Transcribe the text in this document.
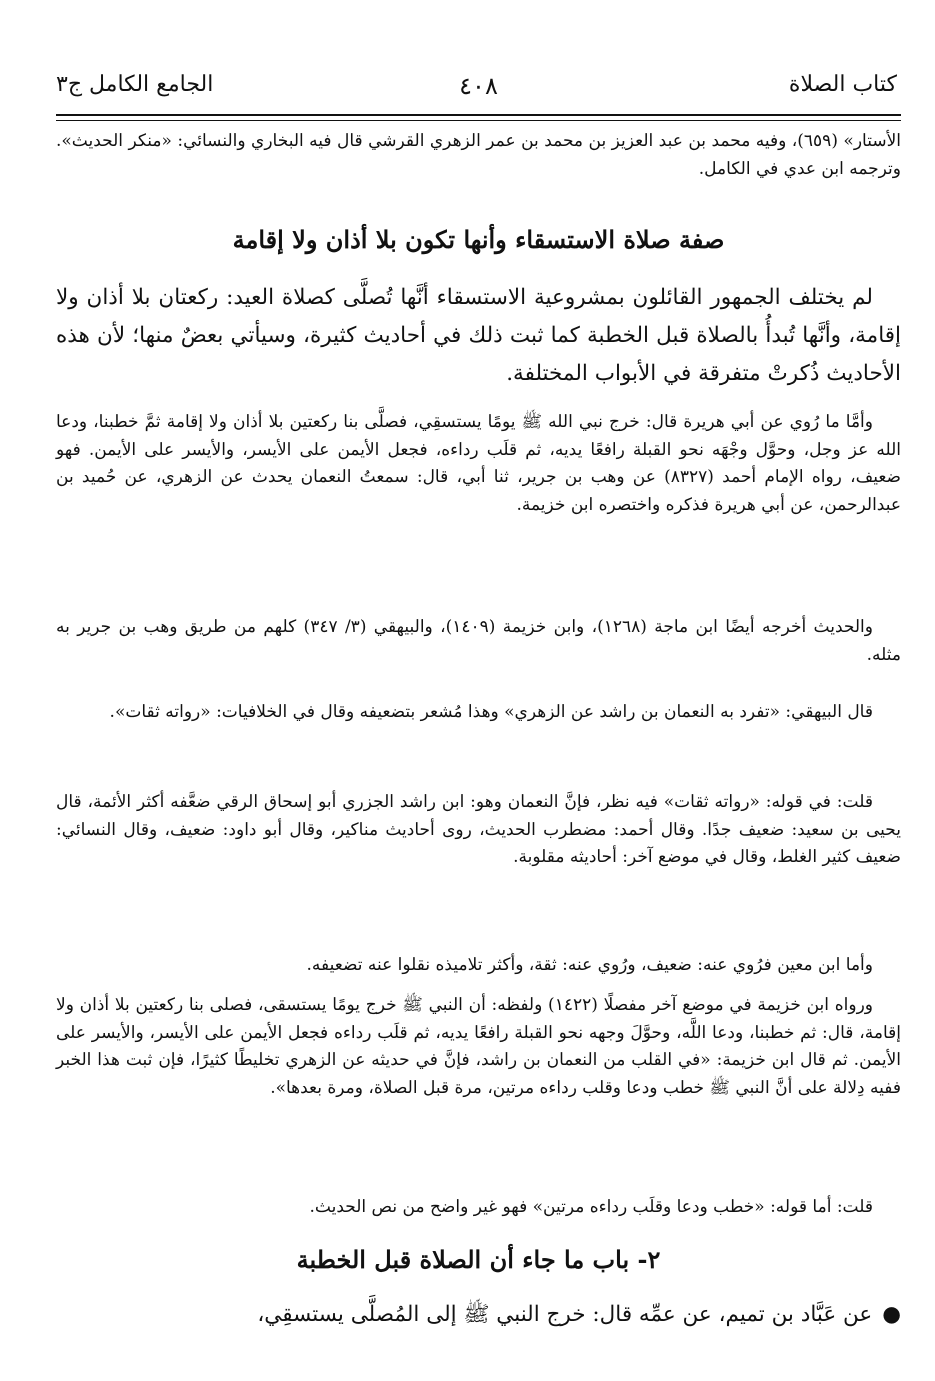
كتاب الصلاة
٤٠٨
الجامع الكامل ج٣

الأستار» (٦٥٩)، وفيه محمد بن عبد العزيز بن محمد بن عمر الزهري القرشي قال فيه البخاري والنسائي: «منكر الحديث». وترجمه ابن عدي في الكامل.

صفة صلاة الاستسقاء وأنها تكون بلا أذان ولا إقامة

لم يختلف الجمهور القائلون بمشروعية الاستسقاء أنَّها تُصلَّى كصلاة العيد: ركعتان بلا أذان ولا إقامة، وأنَّها تُبدأُ بالصلاة قبل الخطبة كما ثبت ذلك في أحاديث كثيرة، وسيأتي بعضٌ منها؛ لأن هذه الأحاديث ذُكرتْ متفرقة في الأبواب المختلفة.

وأمَّا ما رُوي عن أبي هريرة قال: خرج نبي الله ﷺ يومًا يستسقِي، فصلَّى بنا ركعتين بلا أذان ولا إقامة ثمَّ خطبنا، ودعا الله عز وجل، وحوَّل وجْهَه نحو القبلة رافعًا يديه، ثم قلَب رداءه، فجعل الأيمن على الأيسر، والأيسر على الأيمن. فهو ضعيف، رواه الإمام أحمد (٨٣٢٧) عن وهب بن جرير، ثنا أبي، قال: سمعتُ النعمان يحدث عن الزهري، عن حُميد بن عبدالرحمن، عن أبي هريرة فذكره واختصره ابن خزيمة.

والحديث أخرجه أيضًا ابن ماجة (١٢٦٨)، وابن خزيمة (١٤٠٩)، والبيهقي (٣/ ٣٤٧) كلهم من طريق وهب بن جرير به مثله.

قال البيهقي: «تفرد به النعمان بن راشد عن الزهري» وهذا مُشعر بتضعيفه وقال في الخلافيات: «رواته ثقات».

قلت: في قوله: «رواته ثقات» فيه نظر، فإنَّ النعمان وهو: ابن راشد الجزري أبو إسحاق الرقي ضعَّفه أكثر الأئمة، قال يحيى بن سعيد: ضعيف جدًا. وقال أحمد: مضطرب الحديث، روى أحاديث مناكير، وقال أبو داود: ضعيف، وقال النسائي: ضعيف كثير الغلط، وقال في موضع آخر: أحاديثه مقلوبة.

وأما ابن معين فرُوي عنه: ضعيف، ورُوي عنه: ثقة، وأكثر تلاميذه نقلوا عنه تضعيفه.

ورواه ابن خزيمة في موضع آخر مفصلًا (١٤٢٢) ولفظه: أن النبي ﷺ خرج يومًا يستسقى، فصلى بنا ركعتين بلا أذان ولا إقامة، قال: ثم خطبنا، ودعا اللَّه، وحوَّلَ وجهه نحو القبلة رافعًا يديه، ثم قلَب رداءه فجعل الأيمن على الأيسر، والأيسر على الأيمن. ثم قال ابن خزيمة: «في القلب من النعمان بن راشد، فإنَّ في حديثه عن الزهري تخليطًا كثيرًا، فإن ثبت هذا الخبر ففيه دِلالة على أنَّ النبي ﷺ خطب ودعا وقلب رداءه مرتين، مرة قبل الصلاة، ومرة بعدها».

قلت: أما قوله: «خطب ودعا وقلَب رداءه مرتين» فهو غير واضح من نص الحديث.

٢- باب ما جاء أن الصلاة قبل الخطبة

●عن عَبَّاد بن تميم، عن عمِّه قال: خرج النبي ﷺ إلى المُصلَّى يستسقِي،
